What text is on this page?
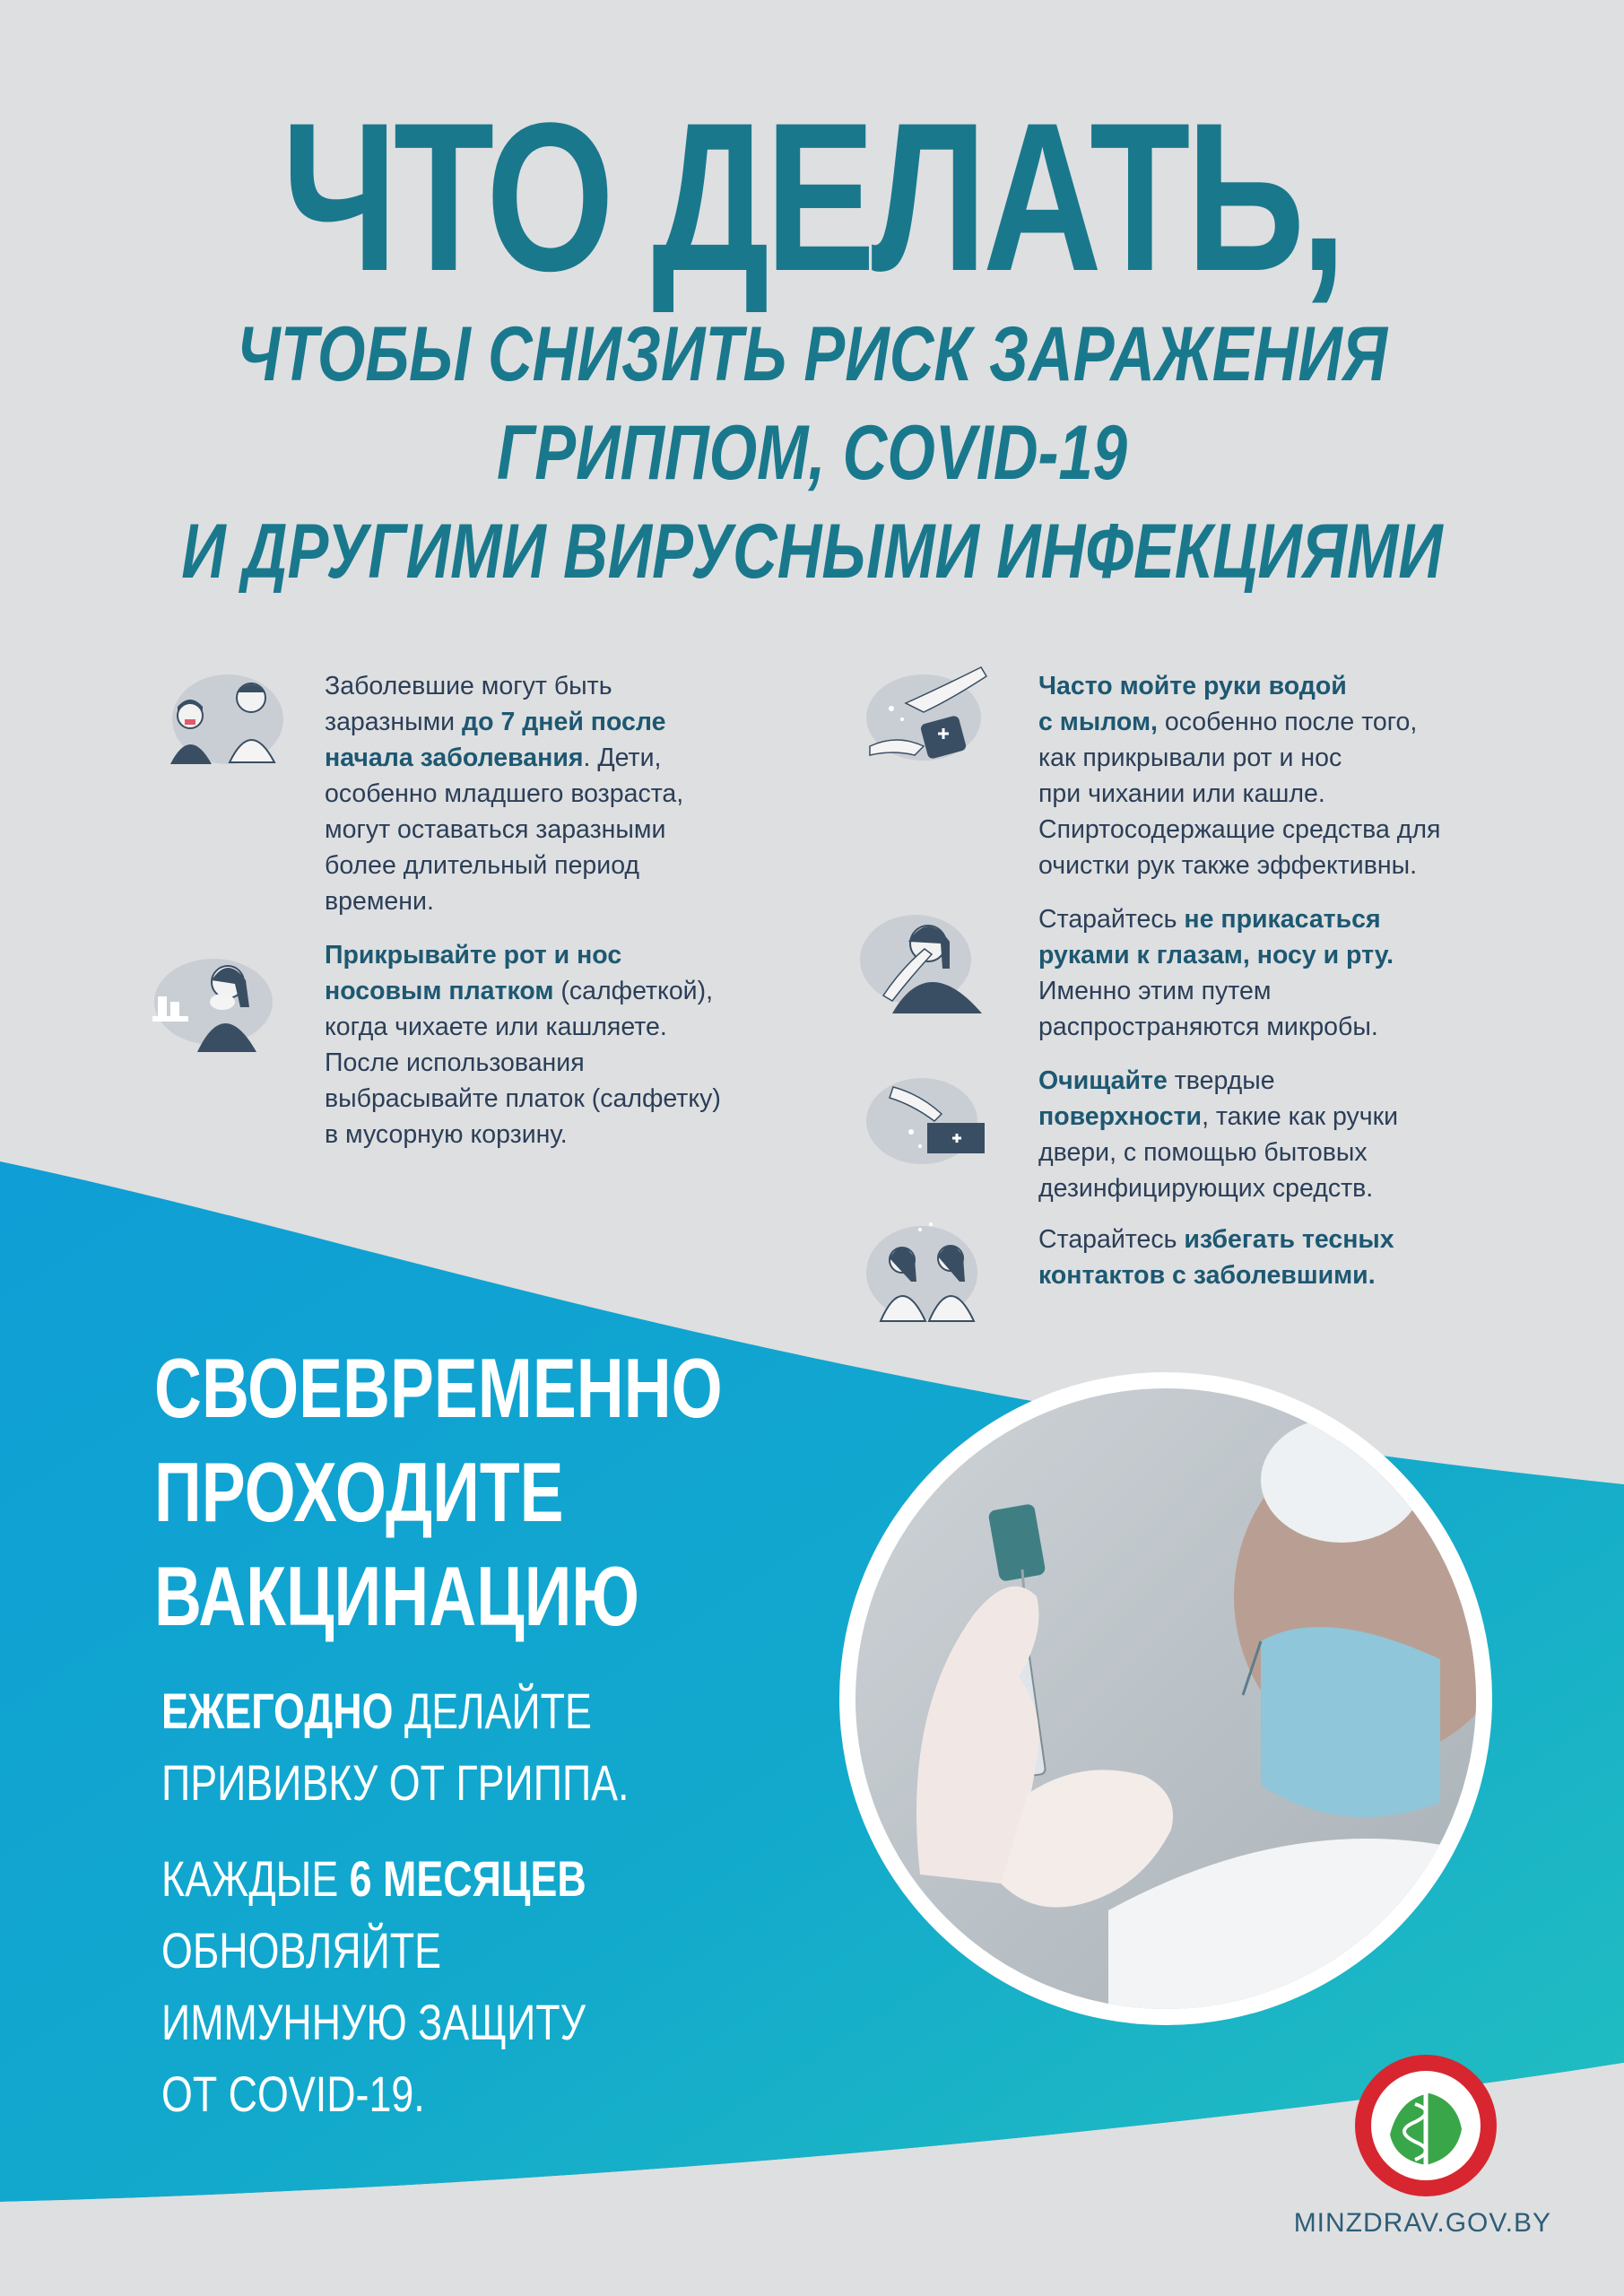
ЧТО ДЕЛАТЬ,
ЧТОБЫ СНИЗИТЬ РИСК ЗАРАЖЕНИЯ
ГРИППОМ, COVID-19
И ДРУГИМИ ВИРУСНЫМИ ИНФЕКЦИЯМИ
Заболевшие могут быть
заразными до 7 дней после
начала заболевания. Дети,
особенно младшего возраста,
могут оставаться заразными
более длительный период
времени.
Прикрывайте рот и нос
носовым платком (салфеткой),
когда чихаете или кашляете.
После использования
выбрасывайте платок (салфетку)
в мусорную корзину.
Часто мойте руки водой
с мылом, особенно после того,
как прикрывали рот и нос
при чихании или кашле.
Спиртосодержащие средства для
очистки рук также эффективны.
Старайтесь не прикасаться
руками к глазам, носу и рту.
Именно этим путем
распространяются микробы.
Очищайте твердые
поверхности, такие как ручки
двери, с помощью бытовых
дезинфицирующих средств.
Старайтесь избегать тесных
контактов с заболевшими.
СВОЕВРЕМЕННО
ПРОХОДИТЕ
ВАКЦИНАЦИЮ
ЕЖЕГОДНО ДЕЛАЙТЕ
ПРИВИВКУ ОТ ГРИППА.
КАЖДЫЕ 6 МЕСЯЦЕВ
ОБНОВЛЯЙТЕ
ИММУННУЮ ЗАЩИТУ
ОТ COVID-19.
MINZDRAV.GOV.BY
